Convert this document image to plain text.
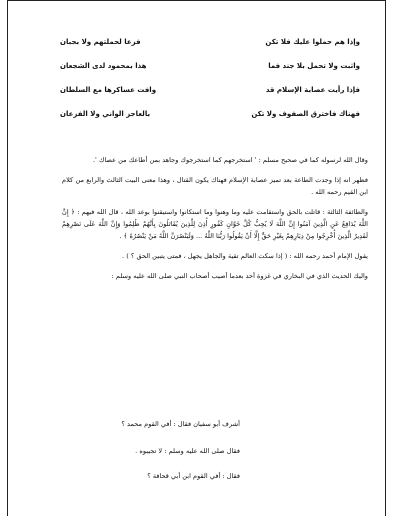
وإذا هم حملوا عليك فلا تكن
فزعا لحملتهم ولا بجبان
واثبت ولا تحمل بلا جند فما
هذا بمحمود لدى الشجعان
فإذا رأيت عصابة الإسلام قد
وافت عساكرها مع السلطان
فهناك فاخترق الصفوف ولا تكن
بالعاجز الواني ولا الفزعان

وقال الله لرسوله كما في صحيح مسلم : ' استخرجهم كما استخرجوك وجاهد بمن أطاعك من عصاك '.

فظهر انه إذا وجدت الطاعة بعد تميز عصابة الإسلام فهناك يكون القتال ، وهذا معنى البيت الثالث والرابع من كلام ابن القيم رحمه الله .

والطائفة الثالثة : قاتلت بالحق واستقامت عليه وما وهنوا وما استكانوا واستيقنوا بوعد الله ، قال الله فيهم : ﴿ إِنَّ اللَّهَ يُدَافِعُ عَنِ الَّذِينَ آمَنُوا إِنَّ اللَّهَ لَا يُحِبُّ كُلَّ خَوَّانٍ كَفُورٍ أُذِنَ لِلَّذِينَ يُقَاتَلُونَ بِأَنَّهُمْ ظُلِمُوا وَإِنَّ اللَّهَ عَلَى نَصْرِهِمْ لَقَدِيرٌ الَّذِينَ أُخْرِجُوا مِنْ دِيَارِهِمْ بِغَيْرِ حَقٍّ إِلَّا أَنْ يَقُولُوا رَبُّنَا اللَّهُ ... وَلَيَنْصُرَنَّ اللَّهُ مَنْ يَنْصُرُهُ ﴾ .

يقول الإمام أحمد رحمه الله : ( إذا سكت العالم تقية والجاهل يجهل ، فمتى يتبين الحق ؟ ) .

واليك الحديث الذي في البخاري في غزوة أحد بعدما أصيب أصحاب النبي صلى الله عليه وسلم :

أشرف أبو سفيان فقال : أفي القوم محمد ؟
فقال صلى الله عليه وسلم : لا تجيبوه .
فقال : أفي القوم ابن أبي قحافة ؟
